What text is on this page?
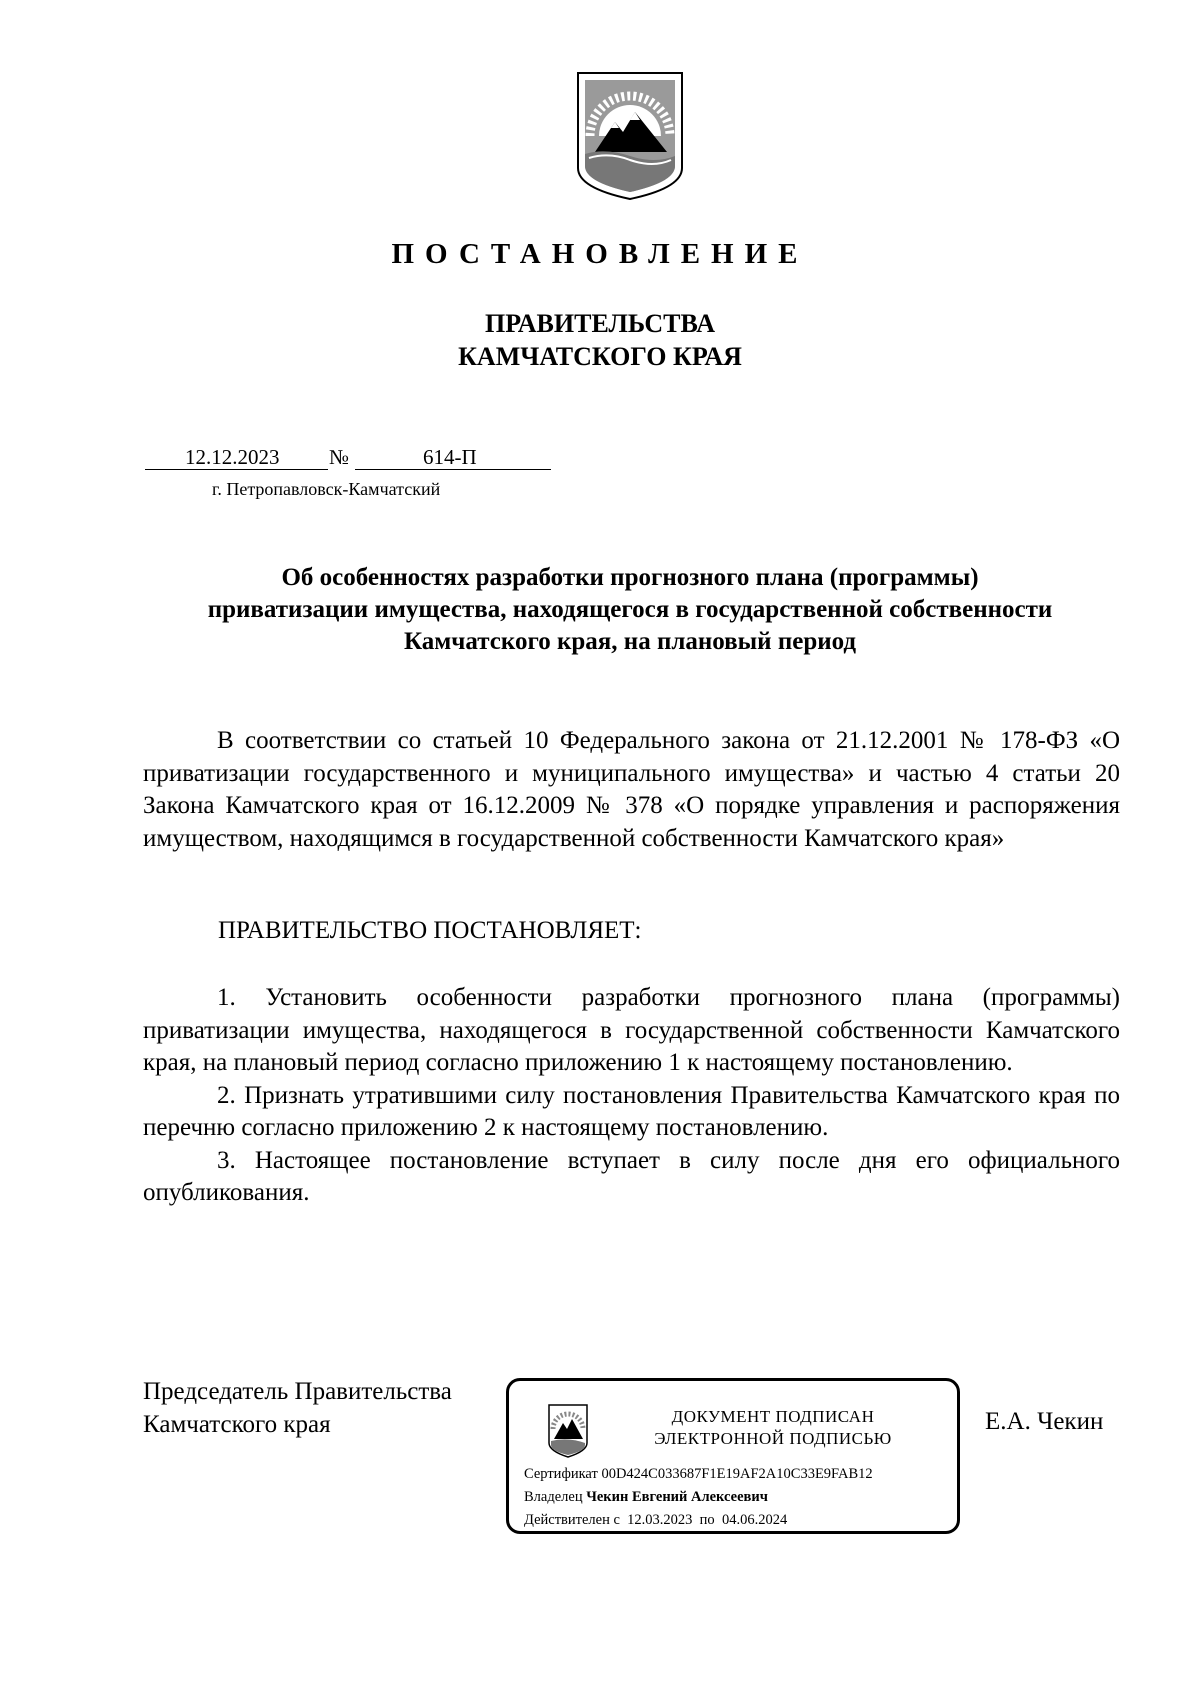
ПОСТАНОВЛЕНИЕ
ПРАВИТЕЛЬСТВА
КАМЧАТСКОГО КРАЯ
12.12.2023 №	614-П
г. Петропавловск-Камчатский
Об особенностях разработки прогнозного плана (программы)
приватизации имущества, находящегося в государственной собственности
Камчатского края, на плановый период

В соответствии со статьей 10 Федерального закона от 21.12.2001 № 178-ФЗ «О приватизации государственного и муниципального имущества» и частью 4 статьи 20 Закона Камчатского края от 16.12.2009 № 378 «О порядке управления и распоряжения имуществом, находящимся в государственной собственности Камчатского края»

ПРАВИТЕЛЬСТВО ПОСТАНОВЛЯЕТ:

1. Установить особенности разработки прогнозного плана (программы) приватизации имущества, находящегося в государственной собственности Камчатского края, на плановый период согласно приложению 1 к настоящему постановлению.

2. Признать утратившими силу постановления Правительства Камчатского края по перечню согласно приложению 2 к настоящему постановлению.

3. Настоящее постановление вступает в силу после дня его официального опубликования.

Председатель Правительства
Камчатского края	ДОКУМЕНТ ПОДПИСАН
ЭЛЕКТРОННОЙ ПОДПИСЬЮ
Сертификат 00D424C033687F1E19AF2A10C33E9FAB12
Владелец Чекин Евгений Алексеевич
Действителен с 12.03.2023 по 04.06.2024
Е.А. Чекин
